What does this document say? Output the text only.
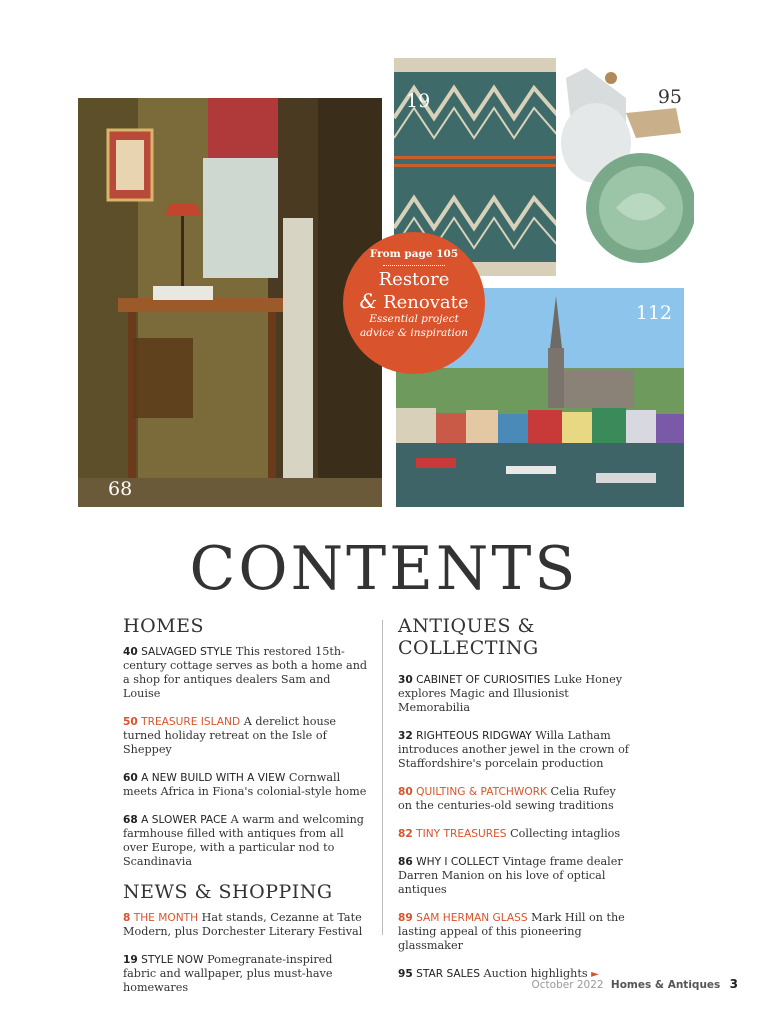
68
19	95
112
From page 105
Restore
& Renovate
Essential project advice & inspiration
CONTENTS
HOMES
40 SALVAGED STYLE This restored 15th-century cottage serves as both a home and a shop for antiques dealers Sam and Louise
50 TREASURE ISLAND A derelict house turned holiday retreat on the Isle of Sheppey
60 A NEW BUILD WITH A VIEW Cornwall meets Africa in Fiona's colonial-style home
68 A SLOWER PACE A warm and welcoming farmhouse filled with antiques from all over Europe, with a particular nod to Scandinavia
NEWS & SHOPPING
8 THE MONTH Hat stands, Cezanne at Tate Modern, plus Dorchester Literary Festival
19 STYLE NOW Pomegranate-inspired fabric and wallpaper, plus must-have homewares
ANTIQUES &
COLLECTING
30 CABINET OF CURIOSITIES Luke Honey explores Magic and Illusionist Memorabilia
32 RIGHTEOUS RIDGWAY Willa Latham introduces another jewel in the crown of Staffordshire's porcelain production
80 QUILTING & PATCHWORK Celia Rufey on the centuries-old sewing traditions
82 TINY TREASURES Collecting intaglios
86 WHY I COLLECT Vintage frame dealer Darren Manion on his love of optical antiques
89 SAM HERMAN GLASS Mark Hill on the lasting appeal of this pioneering glassmaker
95 STAR SALES Auction highlights ►
October 2022 Homes & Antiques 3
